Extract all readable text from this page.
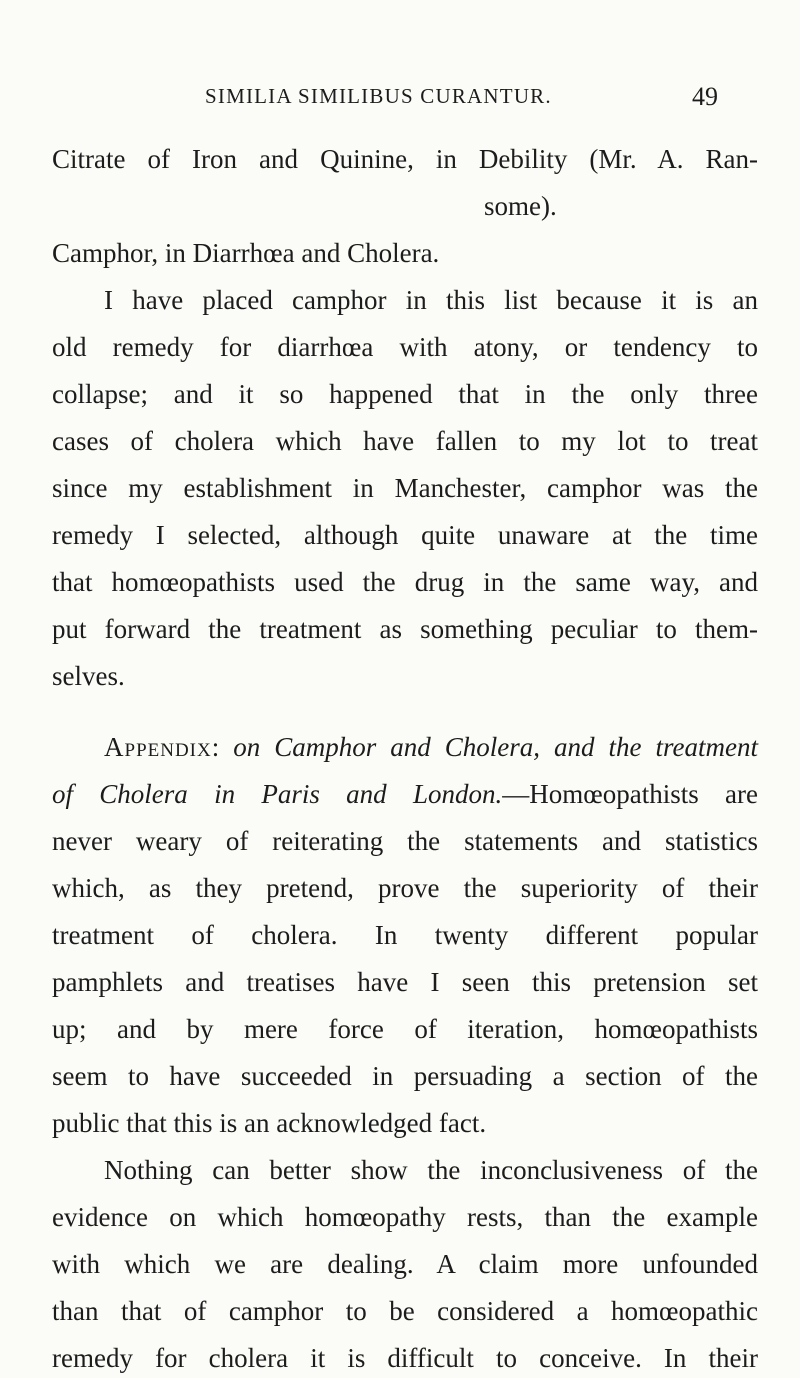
SIMILIA SIMILIBUS CURANTUR.	49
Citrate of Iron and Quinine, in Debility (Mr. A. Ran-
some).
Camphor, in Diarrhœa and Cholera.
I have placed camphor in this list because it is an
old remedy for diarrhœa with atony, or tendency to
collapse; and it so happened that in the only three
cases of cholera which have fallen to my lot to treat
since my establishment in Manchester, camphor was the
remedy I selected, although quite unaware at the time
that homœopathists used the drug in the same way, and
put forward the treatment as something peculiar to them-
selves.
Appendix: on Camphor and Cholera, and the treatment
of Cholera in Paris and London.—Homœopathists are
never weary of reiterating the statements and statistics
which, as they pretend, prove the superiority of their
treatment of cholera. In twenty different popular
pamphlets and treatises have I seen this pretension set
up; and by mere force of iteration, homœopathists
seem to have succeeded in persuading a section of the
public that this is an acknowledged fact.
Nothing can better show the inconclusiveness of the
evidence on which homœopathy rests, than the example
with which we are dealing. A claim more unfounded
than that of camphor to be considered a homœopathic
remedy for cholera it is difficult to conceive. In their
